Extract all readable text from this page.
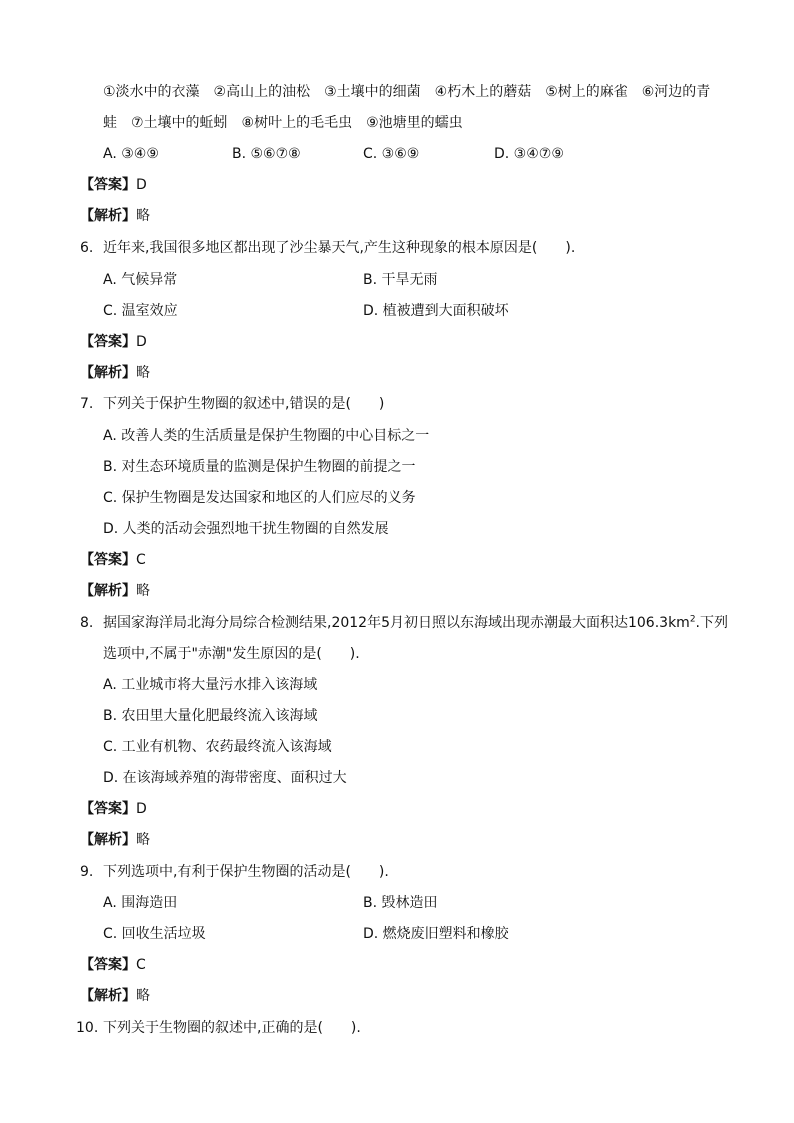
①淡水中的衣藻　②高山上的油松　③土壤中的细菌　④朽木上的蘑菇　⑤树上的麻雀　⑥河边的青
蛙　⑦土壤中的蚯蚓　⑧树叶上的毛毛虫　⑨池塘里的蠕虫
A. ③④⑨	B. ⑤⑥⑦⑧	C. ③⑥⑨	D. ③④⑦⑨
【答案】D
【解析】略
6. 近年来,我国很多地区都出现了沙尘暴天气,产生这种现象的根本原因是(　　).
A. 气候异常	B. 干旱无雨
C. 温室效应	D. 植被遭到大面积破坏
【答案】D
【解析】略
7. 下列关于保护生物圈的叙述中,错误的是(　　)
A. 改善人类的生活质量是保护生物圈的中心目标之一
B. 对生态环境质量的监测是保护生物圈的前提之一
C. 保护生物圈是发达国家和地区的人们应尽的义务
D. 人类的活动会强烈地干扰生物圈的自然发展
【答案】C
【解析】略
8. 据国家海洋局北海分局综合检测结果,2012年5月初日照以东海域出现赤潮最大面积达$106.3km^2$.下列
选项中,不属于"赤潮"发生原因的是(　　).
A. 工业城市将大量污水排入该海域
B. 农田里大量化肥最终流入该海域
C. 工业有机物、农药最终流入该海域
D. 在该海域养殖的海带密度、面积过大
【答案】D
【解析】略
9. 下列选项中,有利于保护生物圈的活动是(　　).
A. 围海造田	B. 毁林造田
C. 回收生活垃圾	D. 燃烧废旧塑料和橡胶
【答案】C
【解析】略
10. 下列关于生物圈的叙述中,正确的是(　　).
